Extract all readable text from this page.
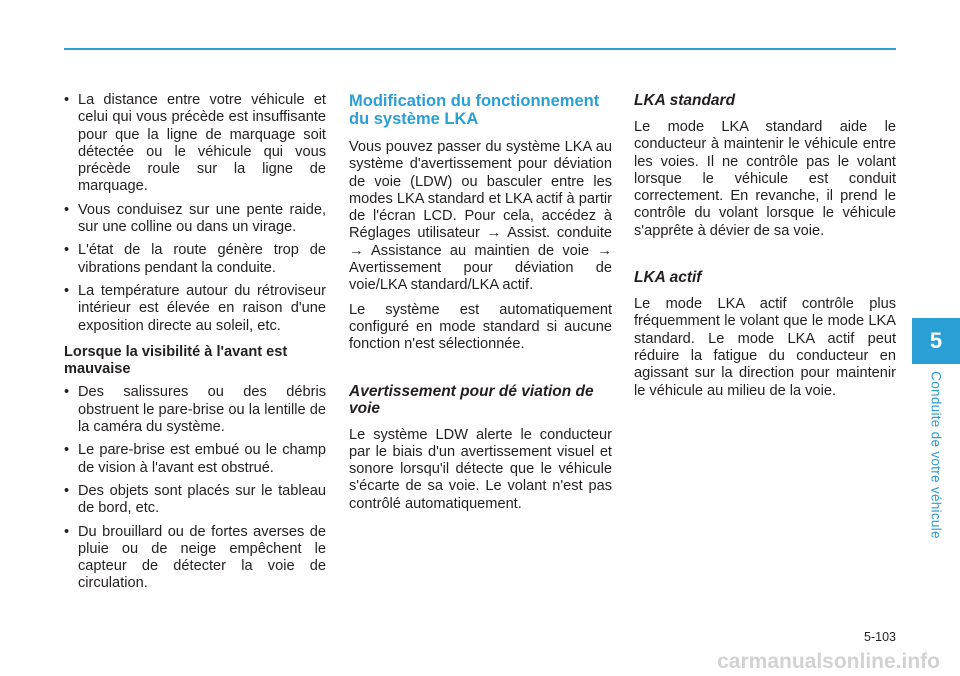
• La distance entre votre véhicule et celui qui vous précède est insuffisante pour que la ligne de marquage soit détectée ou le véhicule qui vous précède roule sur la ligne de marquage.
• Vous conduisez sur une pente raide, sur une colline ou dans un virage.
• L'état de la route génère trop de vibrations pendant la conduite.
• La température autour du rétroviseur intérieur est élevée en raison d'une exposition directe au soleil, etc.
Lorsque la visibilité à l'avant est mauvaise
• Des salissures ou des débris obstruent le pare-brise ou la lentille de la caméra du système.
• Le pare-brise est embué ou le champ de vision à l'avant est obstrué.
• Des objets sont placés sur le tableau de bord, etc.
• Du brouillard ou de fortes averses de pluie ou de neige empêchent le capteur de détecter la voie de circulation.
Modification du fonctionnement du système LKA
Vous pouvez passer du système LKA au système d'avertissement pour déviation de voie (LDW) ou basculer entre les modes LKA standard et LKA actif à partir de l'écran LCD. Pour cela, accédez à Réglages utilisateur → Assist. conduite → Assistance au maintien de voie → Avertissement pour déviation de voie/LKA standard/LKA actif.
Le système est automatiquement configuré en mode standard si aucune fonction n'est sélectionnée.
Avertissement pour dé viation de voie
Le système LDW alerte le conducteur par le biais d'un avertissement visuel et sonore lorsqu'il détecte que le véhicule s'écarte de sa voie. Le volant n'est pas contrôlé automatiquement.
LKA standard
Le mode LKA standard aide le conducteur à maintenir le véhicule entre les voies. Il ne contrôle pas le volant lorsque le véhicule est conduit correctement. En revanche, il prend le contrôle du volant lorsque le véhicule s'apprête à dévier de sa voie.
LKA actif
Le mode LKA actif contrôle plus fréquemment le volant que le mode LKA standard. Le mode LKA actif peut réduire la fatigue du conducteur en agissant sur la direction pour maintenir le véhicule au milieu de la voie.
5
Conduite de votre véhicule
5-103
carmanualsonline.info
